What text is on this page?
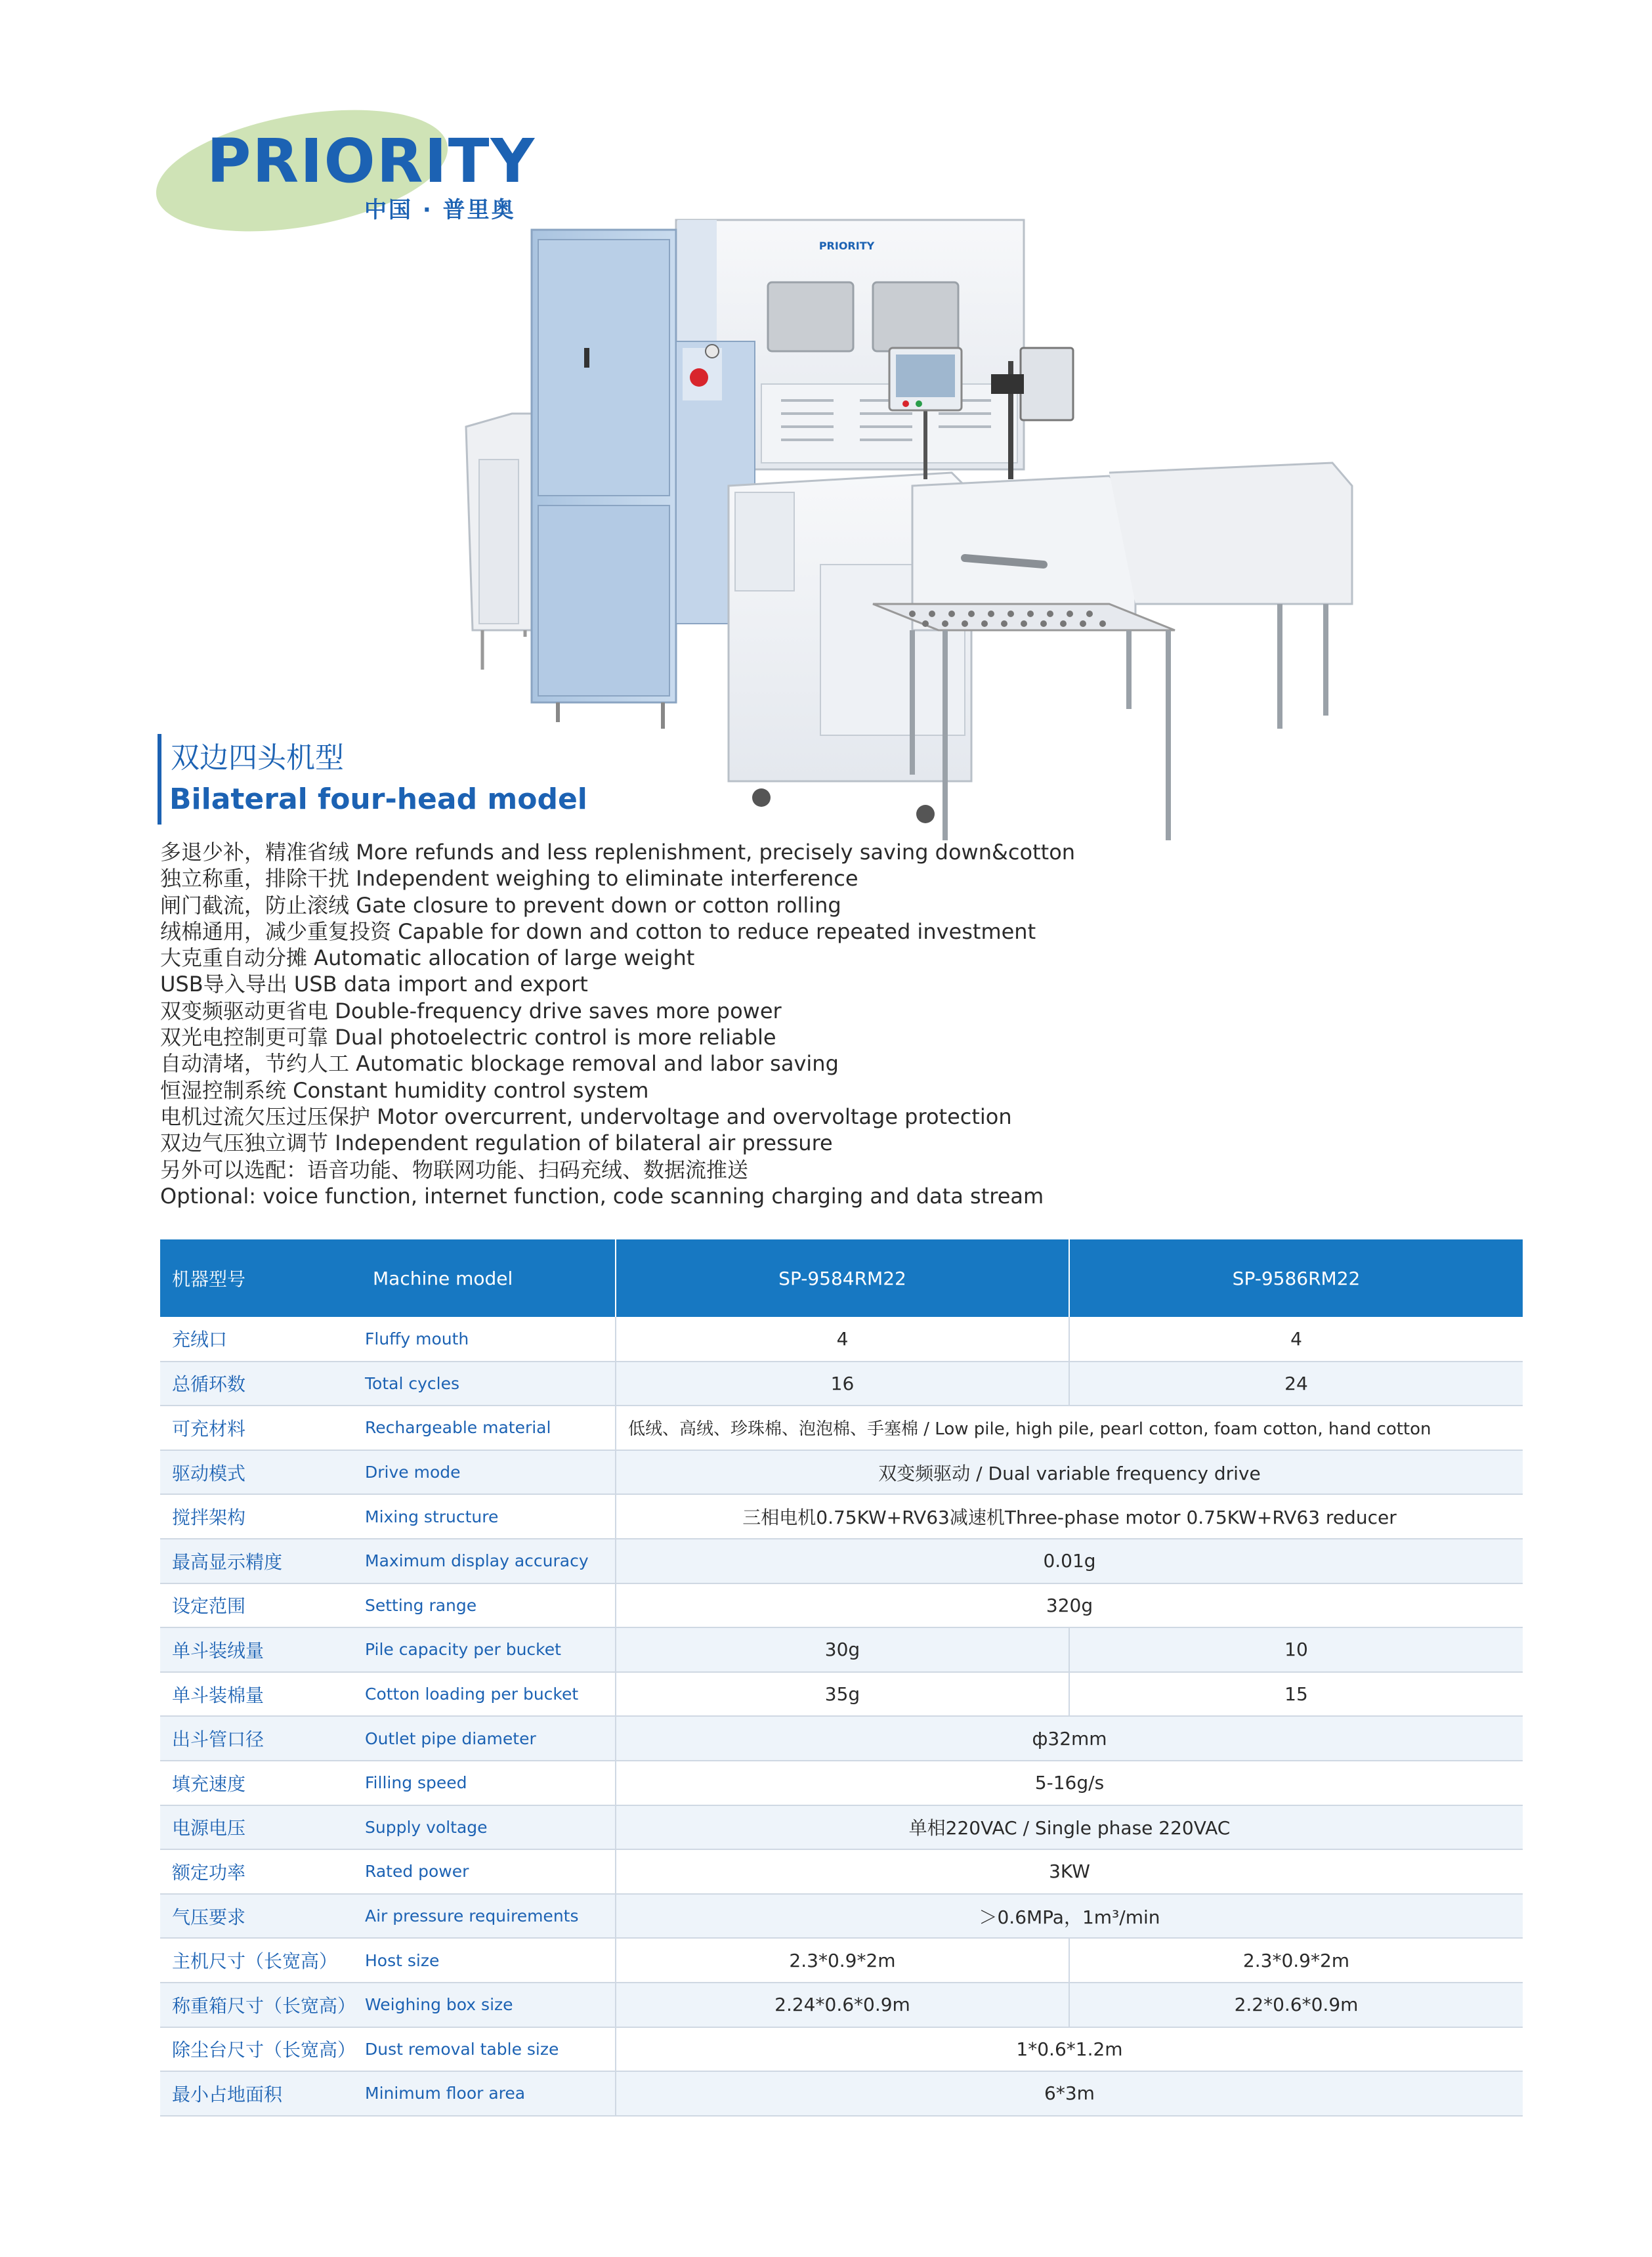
PRIORITY
中国 · 普里奥
PRIORITY
双边四头机型
Bilateral four-head model
多退少补，精准省绒 More refunds and less replenishment, precisely saving down&cotton
独立称重，排除干扰 Independent weighing to eliminate interference
闸门截流，防止滚绒 Gate closure to prevent down or cotton rolling
绒棉通用，减少重复投资 Capable for down and cotton to reduce repeated investment
大克重自动分摊 Automatic allocation of large weight
USB导入导出 USB data import and export
双变频驱动更省电 Double-frequency drive saves more power
双光电控制更可靠 Dual photoelectric control is more reliable
自动清堵，节约人工 Automatic blockage removal and labor saving
恒湿控制系统 Constant humidity control system
电机过流欠压过压保护 Motor overcurrent, undervoltage and overvoltage protection
双边气压独立调节 Independent regulation of bilateral air pressure
另外可以选配：语音功能、物联网功能、扫码充绒、数据流推送
Optional: voice function, internet function, code scanning charging and data stream
机器型号	Machine model	SP-9584RM22	SP-9586RM22
充绒口	Fluffy mouth	4	4
总循环数	Total cycles	16	24
可充材料	Rechargeable material	低绒、高绒、珍珠棉、泡泡棉、手塞棉 / Low pile, high pile, pearl cotton, foam cotton, hand cotton	
驱动模式	Drive mode	双变频驱动 / Dual variable frequency drive	
搅拌架构	Mixing structure	三相电机0.75KW+RV63减速机Three-phase motor 0.75KW+RV63 reducer	
最高显示精度	Maximum display accuracy	0.01g	
设定范围	Setting range	320g	
单斗装绒量	Pile capacity per bucket	30g	10
单斗装棉量	Cotton loading per bucket	35g	15
出斗管口径	Outlet pipe diameter	ф32mm	
填充速度	Filling speed	5-16g/s	
电源电压	Supply voltage	单相220VAC / Single phase 220VAC	
额定功率	Rated power	3KW	
气压要求	Air pressure requirements	＞0.6MPa，1m³/min	
主机尺寸（长宽高）	Host size	2.3*0.9*2m	2.3*0.9*2m
称重箱尺寸（长宽高）	Weighing box size	2.24*0.6*0.9m	2.2*0.6*0.9m
除尘台尺寸（长宽高）	Dust removal table size	1*0.6*1.2m	
最小占地面积	Minimum floor area	6*3m	
